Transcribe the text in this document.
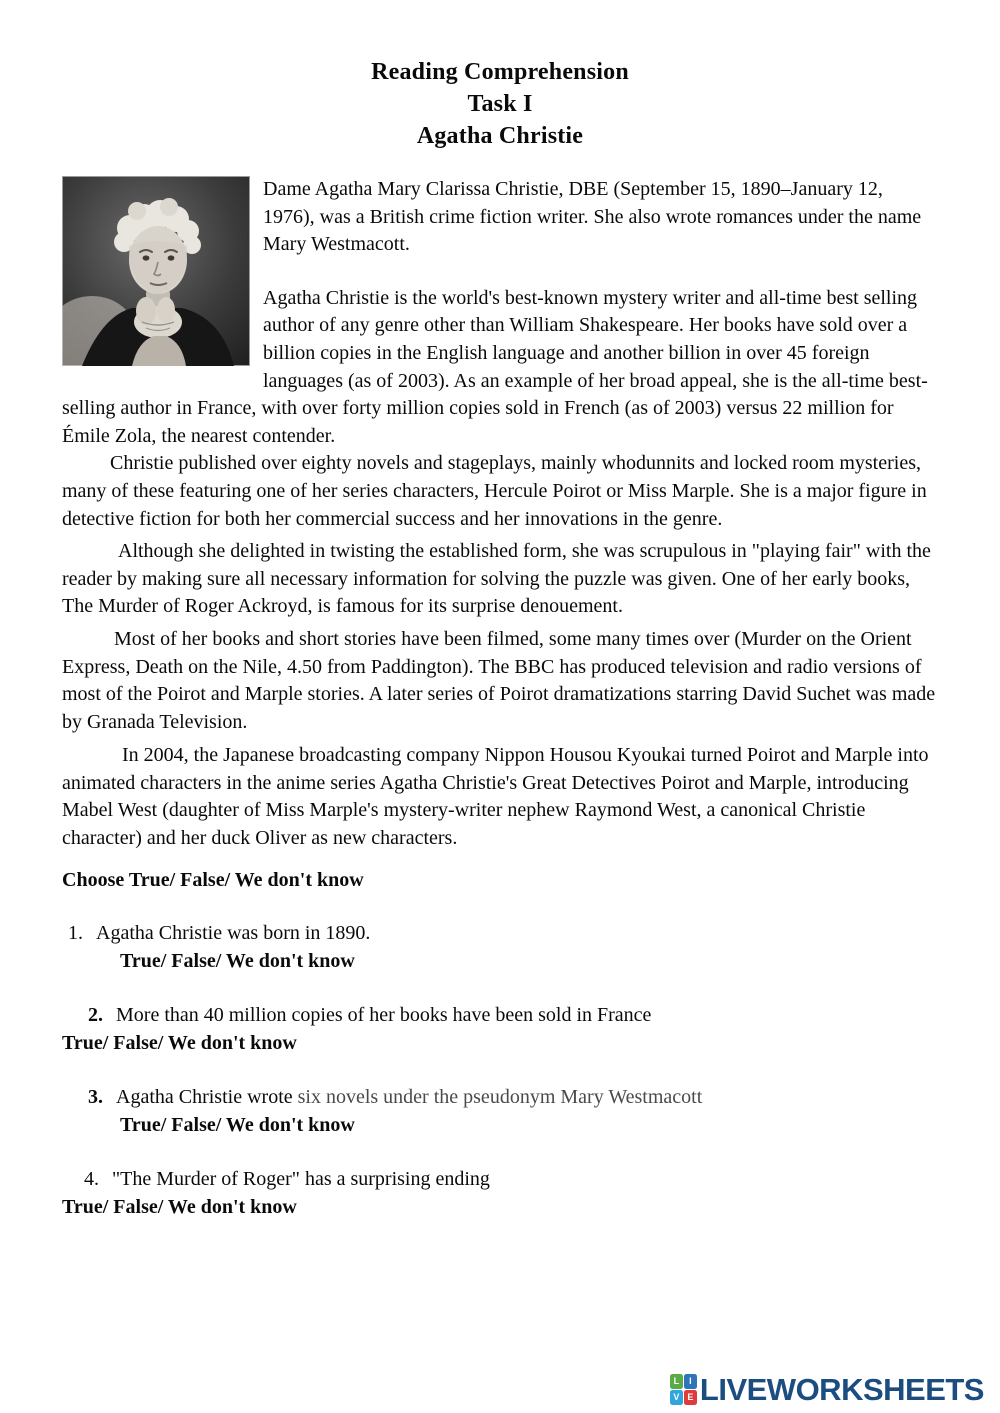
Reading Comprehension
Task I
Agatha Christie

Dame Agatha Mary Clarissa Christie, DBE (September 15, 1890–January 12, 1976), was a British crime fiction writer. She also wrote romances under the name Mary Westmacott.

Agatha Christie is the world's best-known mystery writer and all-time best selling author of any genre other than William Shakespeare. Her books have sold over a billion copies in the English language and another billion in over 45 foreign languages (as of 2003). As an example of her broad appeal, she is the all-time best-selling author in France, with over forty million copies sold in French (as of 2003) versus 22 million for Émile Zola, the nearest contender.

Christie published over eighty novels and stageplays, mainly whodunnits and locked room mysteries, many of these featuring one of her series characters, Hercule Poirot or Miss Marple. She is a major figure in detective fiction for both her commercial success and her innovations in the genre.

Although she delighted in twisting the established form, she was scrupulous in "playing fair" with the reader by making sure all necessary information for solving the puzzle was given. One of her early books, The Murder of Roger Ackroyd, is famous for its surprise denouement.

Most of her books and short stories have been filmed, some many times over (Murder on the Orient Express, Death on the Nile, 4.50 from Paddington). The BBC has produced television and radio versions of most of the Poirot and Marple stories. A later series of Poirot dramatizations starring David Suchet was made by Granada Television.

In 2004, the Japanese broadcasting company Nippon Housou Kyoukai turned Poirot and Marple into animated characters in the anime series Agatha Christie's Great Detectives Poirot and Marple, introducing Mabel West (daughter of Miss Marple's mystery-writer nephew Raymond West, a canonical Christie character) and her duck Oliver as new characters.

Choose True/ False/ We don't know
1. Agatha Christie was born in 1890.
True/ False/ We don't know
2. More than 40 million copies of her books have been sold in France
True/ False/ We don't know
3. Agatha Christie wrote six novels under the pseudonym Mary Westmacott
True/ False/ We don't know
4. "The Murder of Roger" has a surprising ending
True/ False/ We don't know
L	I
V E LIVEWORKSHEETS
